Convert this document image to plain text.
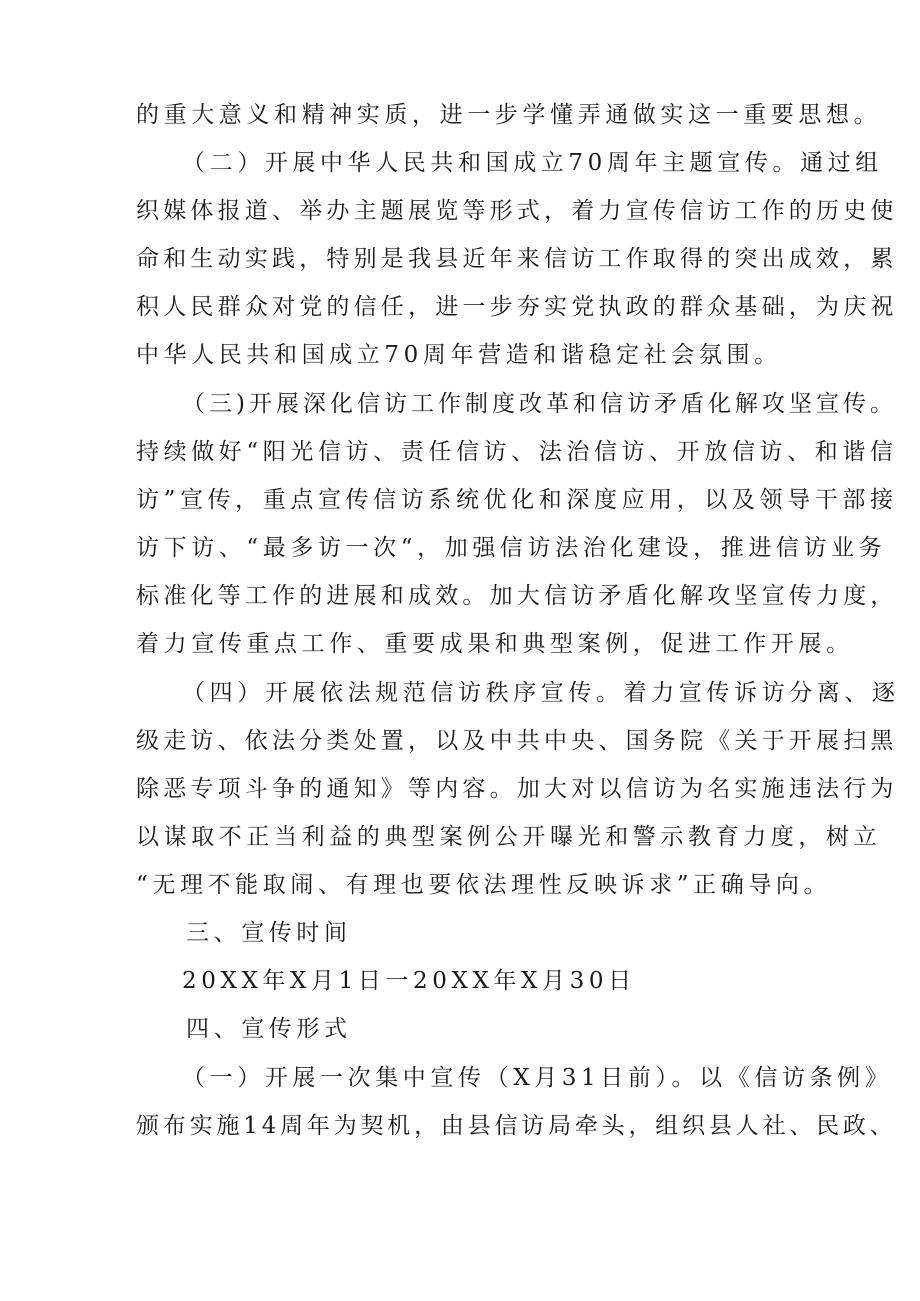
的重大意义和精神实质，进一步学懂弄通做实这一重要思想。
（二）开展中华人民共和国成立70周年主题宣传。通过组
织媒体报道、举办主题展览等形式，着力宣传信访工作的历史使
命和生动实践，特别是我县近年来信访工作取得的突出成效，累
积人民群众对党的信任，进一步夯实党执政的群众基础，为庆祝
中华人民共和国成立70周年营造和谐稳定社会氛围。
（三)开展深化信访工作制度改革和信访矛盾化解攻坚宣传。
持续做好“阳光信访、责任信访、法治信访、开放信访、和谐信
访”宣传，重点宣传信访系统优化和深度应用，以及领导干部接
访下访、“最多访一次“，加强信访法治化建设，推进信访业务
标准化等工作的进展和成效。加大信访矛盾化解攻坚宣传力度，
着力宣传重点工作、重要成果和典型案例，促进工作开展。
（四）开展依法规范信访秩序宣传。着力宣传诉访分离、逐
级走访、依法分类处置，以及中共中央、国务院《关于开展扫黑
除恶专项斗争的通知》等内容。加大对以信访为名实施违法行为
以谋取不正当利益的典型案例公开曝光和警示教育力度，树立
“无理不能取闹、有理也要依法理性反映诉求”正确导向。
三、宣传时间
20XX年X月1日一20XX年X月30日
四、宣传形式
（一）开展一次集中宣传（X月31日前）。以《信访条例》
颁布实施14周年为契机，由县信访局牵头，组织县人社、民政、
